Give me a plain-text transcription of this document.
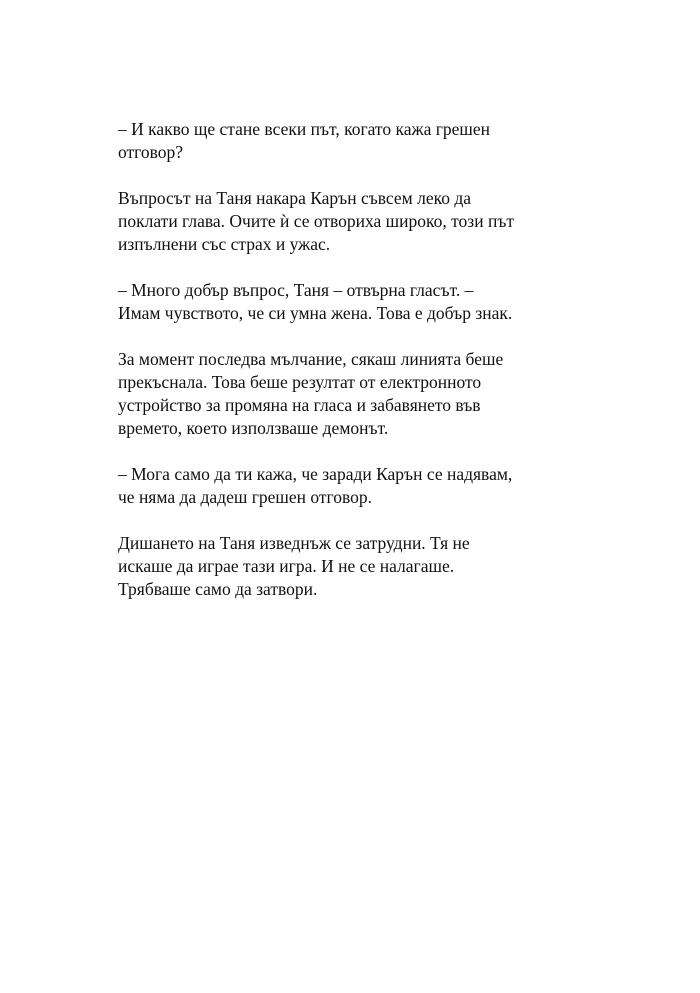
– И какво ще стане всеки път, когато кажа грешен
отговор?

Въпросът на Таня накара Карън съвсем леко да
поклати глава. Очите ѝ се отвориха широко, този път
изпълнени със страх и ужас.

– Много добър въпрос, Таня – отвърна гласът. –
Имам чувството, че си умна жена. Това е добър знак.

За момент последва мълчание, сякаш линията беше
прекъснала. Това беше резултат от електронното
устройство за промяна на гласа и забавянето във
времето, което използваше демонът.

– Мога само да ти кажа, че заради Карън се надявам,
че няма да дадеш грешен отговор.

Дишането на Таня изведнъж се затрудни. Тя не
искаше да играе тази игра. И не се налагаше.
Трябваше само да затвори.
